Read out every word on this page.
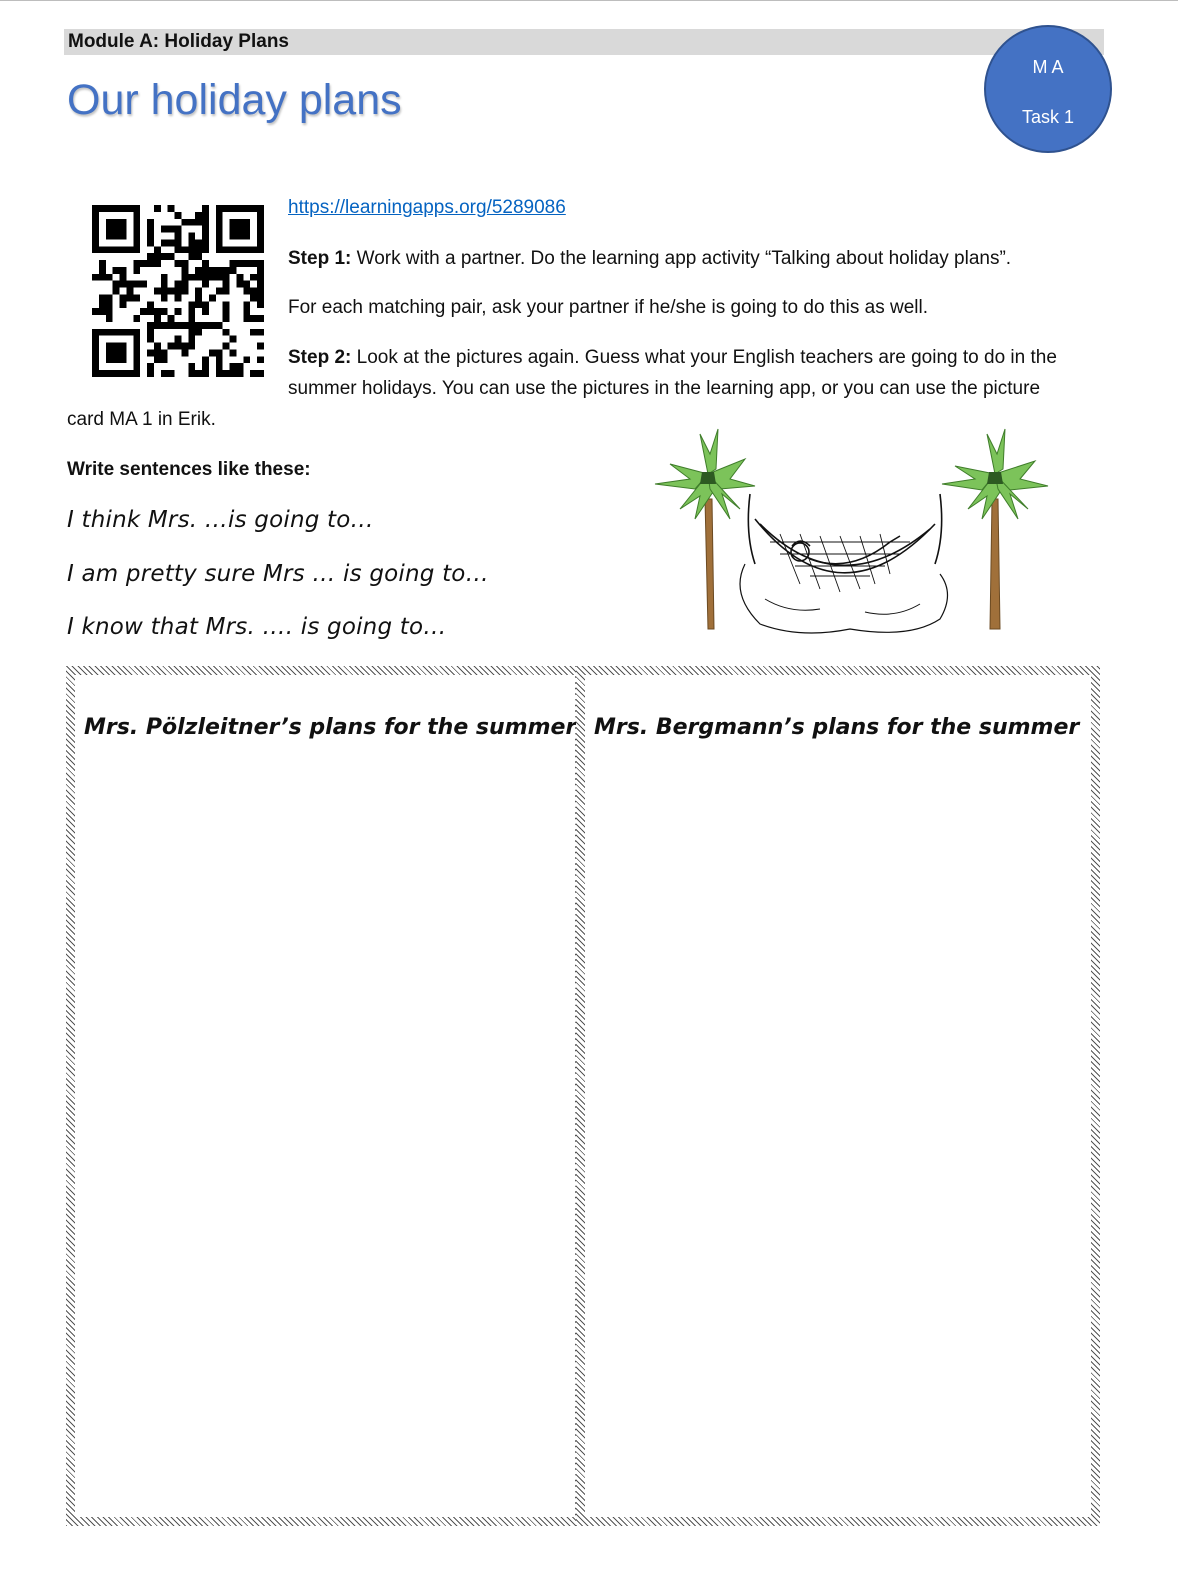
Module A: Holiday Plans
Our holiday plans
M A
Task 1
https://learningapps.org/5289086
Step 1: Work with a partner. Do the learning app activity “Talking about holiday plans”.
For each matching pair, ask your partner if he/she is going to do this as well.
Step 2: Look at the pictures again. Guess what your English teachers are going to do in the
summer holidays. You can use the pictures in the learning app, or you can use the picture
card MA 1 in Erik.
Write sentences like these:
I think Mrs. …is going to…
I am pretty sure Mrs … is going to…
I know that Mrs. …. is going to…
Mrs. Pölzleitner’s plans for the summer Mrs. Bergmann’s plans for the summer
